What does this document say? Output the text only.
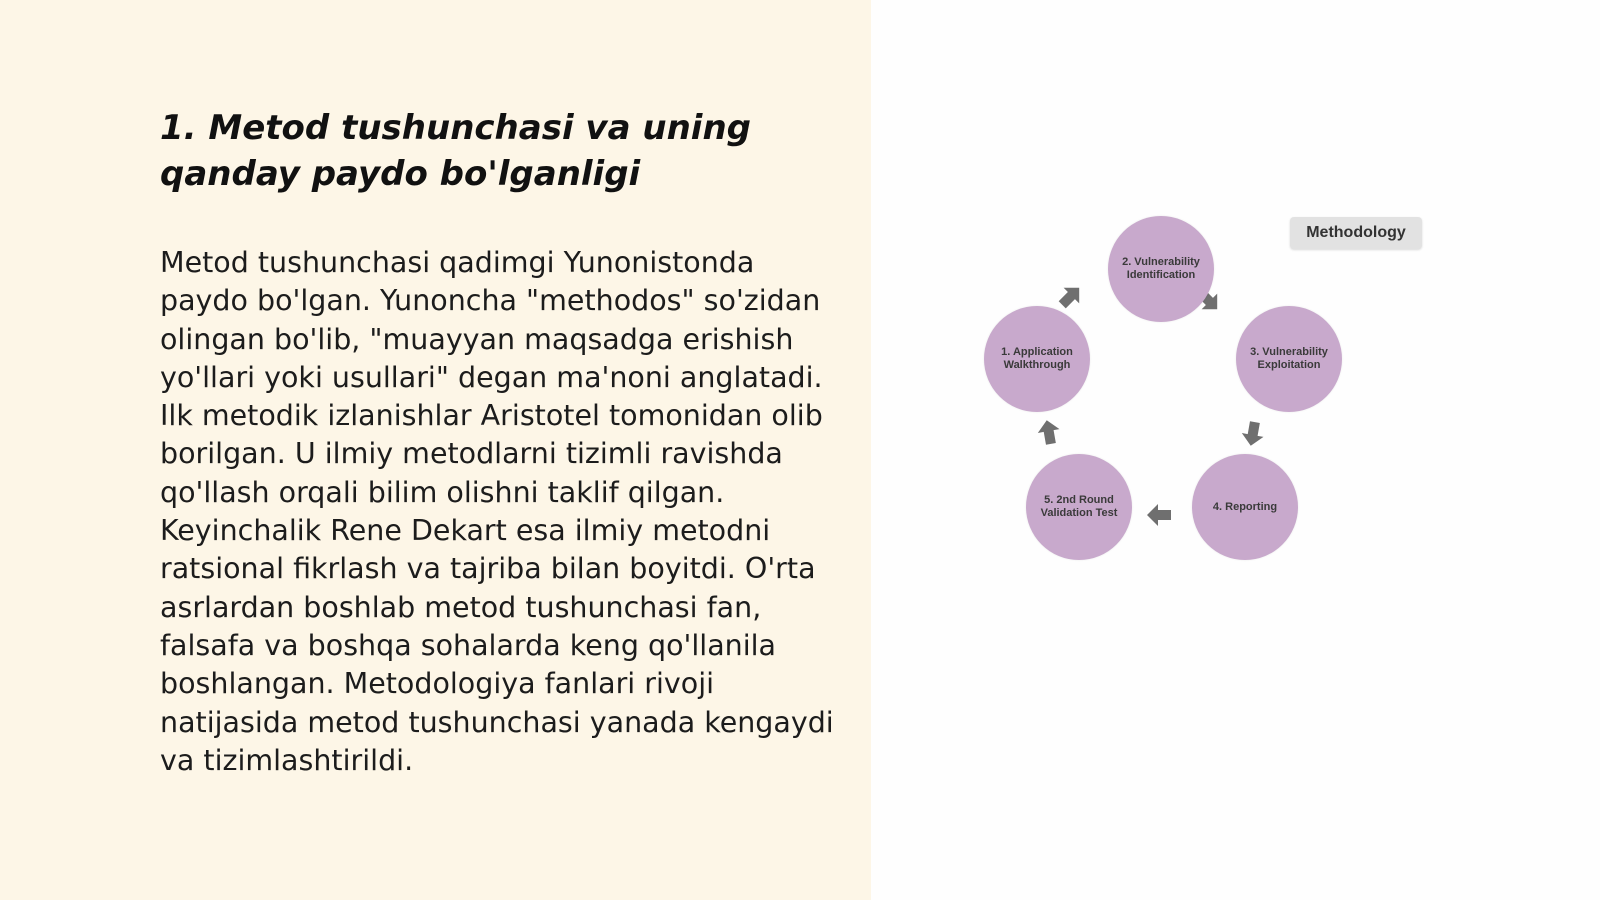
1. Metod tushunchasi va uning qanday paydo bo'lganligi

Metod tushunchasi qadimgi Yunonistonda paydo bo'lgan. Yunoncha "methodos" so'zidan olingan bo'lib, "muayyan maqsadga erishish yo'llari yoki usullari" degan ma'noni anglatadi. Ilk metodik izlanishlar Aristotel tomonidan olib borilgan. U ilmiy metodlarni tizimli ravishda qo'llash orqali bilim olishni taklif qilgan. Keyinchalik Rene Dekart esa ilmiy metodni ratsional fikrlash va tajriba bilan boyitdi. O'rta asrlardan boshlab metod tushunchasi fan, falsafa va boshqa sohalarda keng qo'llanila boshlangan. Metodologiya fanlari rivoji natijasida metod tushunchasi yanada kengaydi va tizimlashtirildi.

1. Application Walkthrough
2. Vulnerability Identification
3. Vulnerability Exploitation
4. Reporting
5. 2nd Round Validation Test
Methodology
